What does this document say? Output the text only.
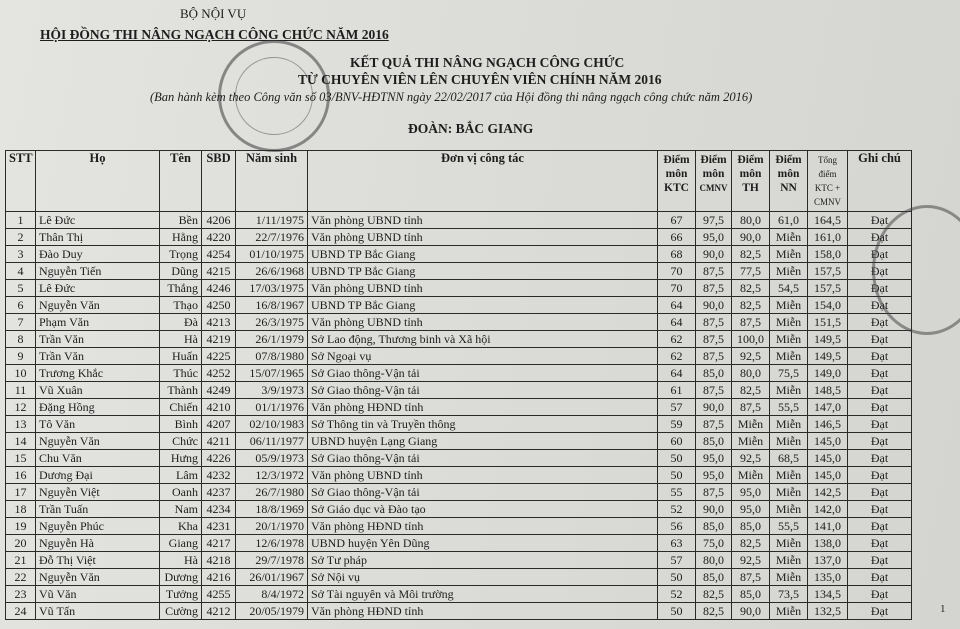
BỘ NỘI VỤ
HỘI ĐỒNG THI NÂNG NGẠCH CÔNG CHỨC NĂM 2016
KẾT QUẢ THI NÂNG NGẠCH CÔNG CHỨC
TỪ CHUYÊN VIÊN LÊN CHUYÊN VIÊN CHÍNH NĂM 2016
(Ban hành kèm theo Công văn số 03/BNV-HĐTNN ngày 22/02/2017 của Hội đồng thi nâng ngạch công chức năm 2016)
ĐOÀN: BẮC GIANG
STT	Họ	Tên	SBD	Năm sinh	Đơn vị công tác	Điểm
môn
KTC	Điểm
môn
CMNV	Điểm
môn
TH	Điểm
môn
NN	Tổng
điểm
KTC +
CMNV	Ghi chú
1	Lê Đức	Bền	4206	1/11/1975	Văn phòng UBND tỉnh	67	97,5	80,0	61,0	164,5	Đạt
2	Thân Thị	Hằng	4220	22/7/1976	Văn phòng UBND tỉnh	66	95,0	90,0	Miễn	161,0	Đạt
3	Đào Duy	Trọng	4254	01/10/1975	UBND TP Bắc Giang	68	90,0	82,5	Miễn	158,0	Đạt
4	Nguyễn Tiến	Dũng	4215	26/6/1968	UBND TP Bắc Giang	70	87,5	77,5	Miễn	157,5	Đạt
5	Lê Đức	Thắng	4246	17/03/1975	Văn phòng UBND tỉnh	70	87,5	82,5	54,5	157,5	Đạt
6	Nguyễn Văn	Thạo	4250	16/8/1967	UBND TP Bắc Giang	64	90,0	82,5	Miễn	154,0	Đạt
7	Phạm Văn	Đà	4213	26/3/1975	Văn phòng UBND tỉnh	64	87,5	87,5	Miễn	151,5	Đạt
8	Trần Văn	Hà	4219	26/1/1979	Sở Lao động, Thương binh và Xã hội	62	87,5	100,0	Miễn	149,5	Đạt
9	Trần Văn	Huấn	4225	07/8/1980	Sở Ngoại vụ	62	87,5	92,5	Miễn	149,5	Đạt
10	Trương Khắc	Thúc	4252	15/07/1965	Sở Giao thông-Vận tải	64	85,0	80,0	75,5	149,0	Đạt
11	Vũ Xuân	Thành	4249	3/9/1973	Sở Giao thông-Vận tải	61	87,5	82,5	Miễn	148,5	Đạt
12	Đặng Hồng	Chiến	4210	01/1/1976	Văn phòng HĐND tỉnh	57	90,0	87,5	55,5	147,0	Đạt
13	Tô Văn	Bình	4207	02/10/1983	Sở Thông tin và Truyền thông	59	87,5	Miễn	Miễn	146,5	Đạt
14	Nguyễn Văn	Chức	4211	06/11/1977	UBND huyện Lạng Giang	60	85,0	Miễn	Miễn	145,0	Đạt
15	Chu Văn	Hưng	4226	05/9/1973	Sở Giao thông-Vận tải	50	95,0	92,5	68,5	145,0	Đạt
16	Dương Đại	Lâm	4232	12/3/1972	Văn phòng UBND tỉnh	50	95,0	Miễn	Miễn	145,0	Đạt
17	Nguyễn Việt	Oanh	4237	26/7/1980	Sở Giao thông-Vận tải	55	87,5	95,0	Miễn	142,5	Đạt
18	Trần Tuấn	Nam	4234	18/8/1969	Sở Giáo dục và Đào tạo	52	90,0	95,0	Miễn	142,0	Đạt
19	Nguyễn Phúc	Kha	4231	20/1/1970	Văn phòng HĐND tỉnh	56	85,0	85,0	55,5	141,0	Đạt
20	Nguyễn Hà	Giang	4217	12/6/1978	UBND huyện Yên Dũng	63	75,0	82,5	Miễn	138,0	Đạt
21	Đỗ Thị Việt	Hà	4218	29/7/1978	Sở Tư pháp	57	80,0	92,5	Miễn	137,0	Đạt
22	Nguyễn Văn	Dương	4216	26/01/1967	Sở Nội vụ	50	85,0	87,5	Miễn	135,0	Đạt
23	Vũ Văn	Tưởng	4255	8/4/1972	Sở Tài nguyên và Môi trường	52	82,5	85,0	73,5	134,5	Đạt
24	Vũ Tấn	Cường	4212	20/05/1979	Văn phòng HĐND tỉnh	50	82,5	90,0	Miễn	132,5	Đạt	1
